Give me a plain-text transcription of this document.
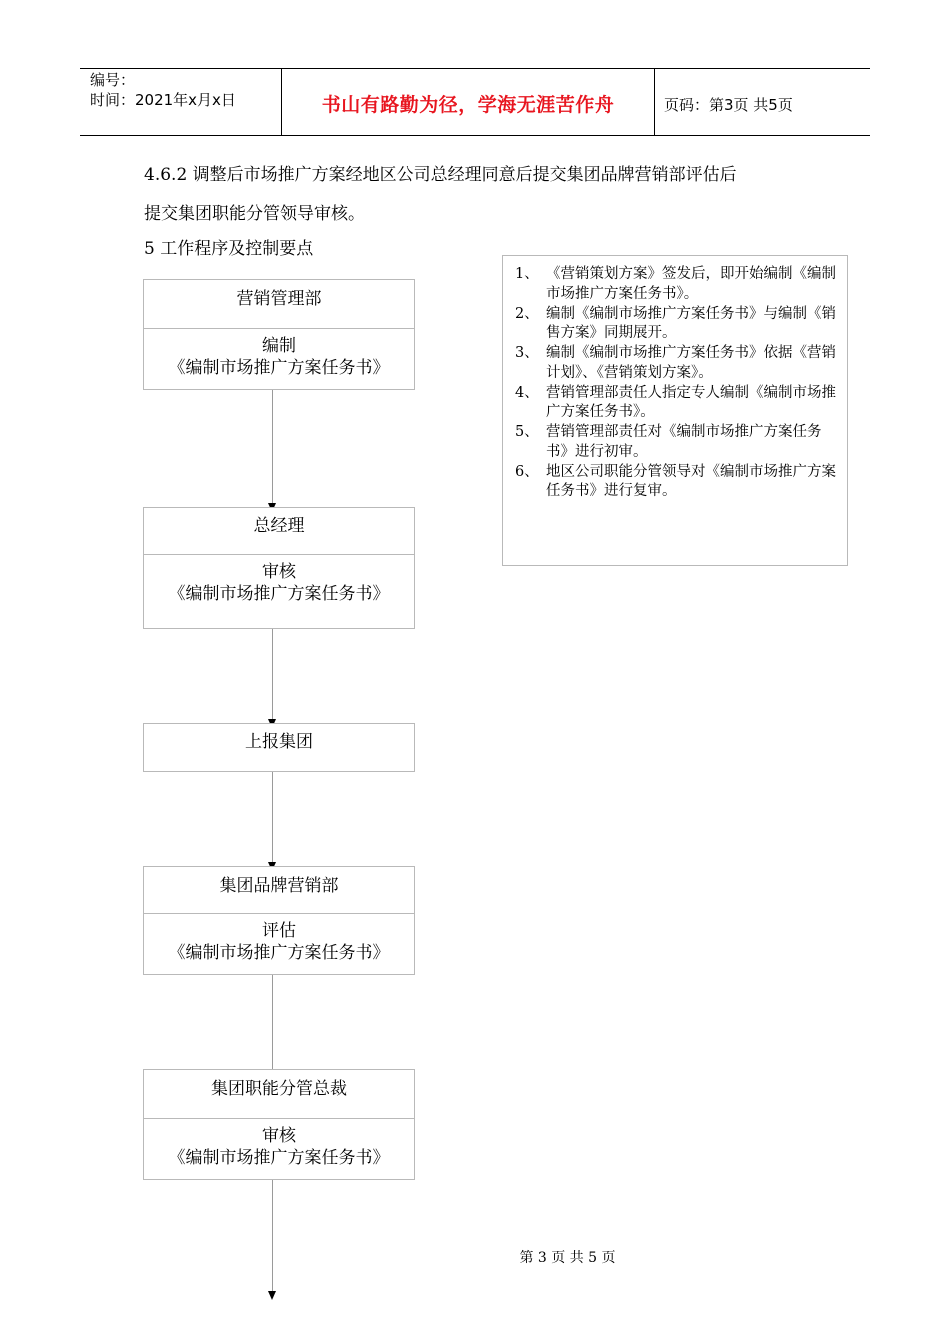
编号：
时间：2021年x月x日	书山有路勤为径，学海无涯苦作舟	页码：第3页 共5页
4.6.2 调整后市场推广方案经地区公司总经理同意后提交集团品牌营销部评估后
提交集团职能分管领导审核。
5 工作程序及控制要点
营销管理部
编制
《编制市场推广方案任务书》
总经理
审核
《编制市场推广方案任务书》
上报集团
集团品牌营销部
评估
《编制市场推广方案任务书》
集团职能分管总裁
审核
《编制市场推广方案任务书》
1、 《营销策划方案》签发后，即开始编制《编制市场推广方案任务书》。
2、 编制《编制市场推广方案任务书》与编制《销售方案》同期展开。
3、 编制《编制市场推广方案任务书》依据《营销计划》、《营销策划方案》。
4、 营销管理部责任人指定专人编制《编制市场推广方案任务书》。
5、 营销管理部责任对《编制市场推广方案任务书》进行初审。
6、 地区公司职能分管领导对《编制市场推广方案任务书》进行复审。
第 3 页 共 5 页
